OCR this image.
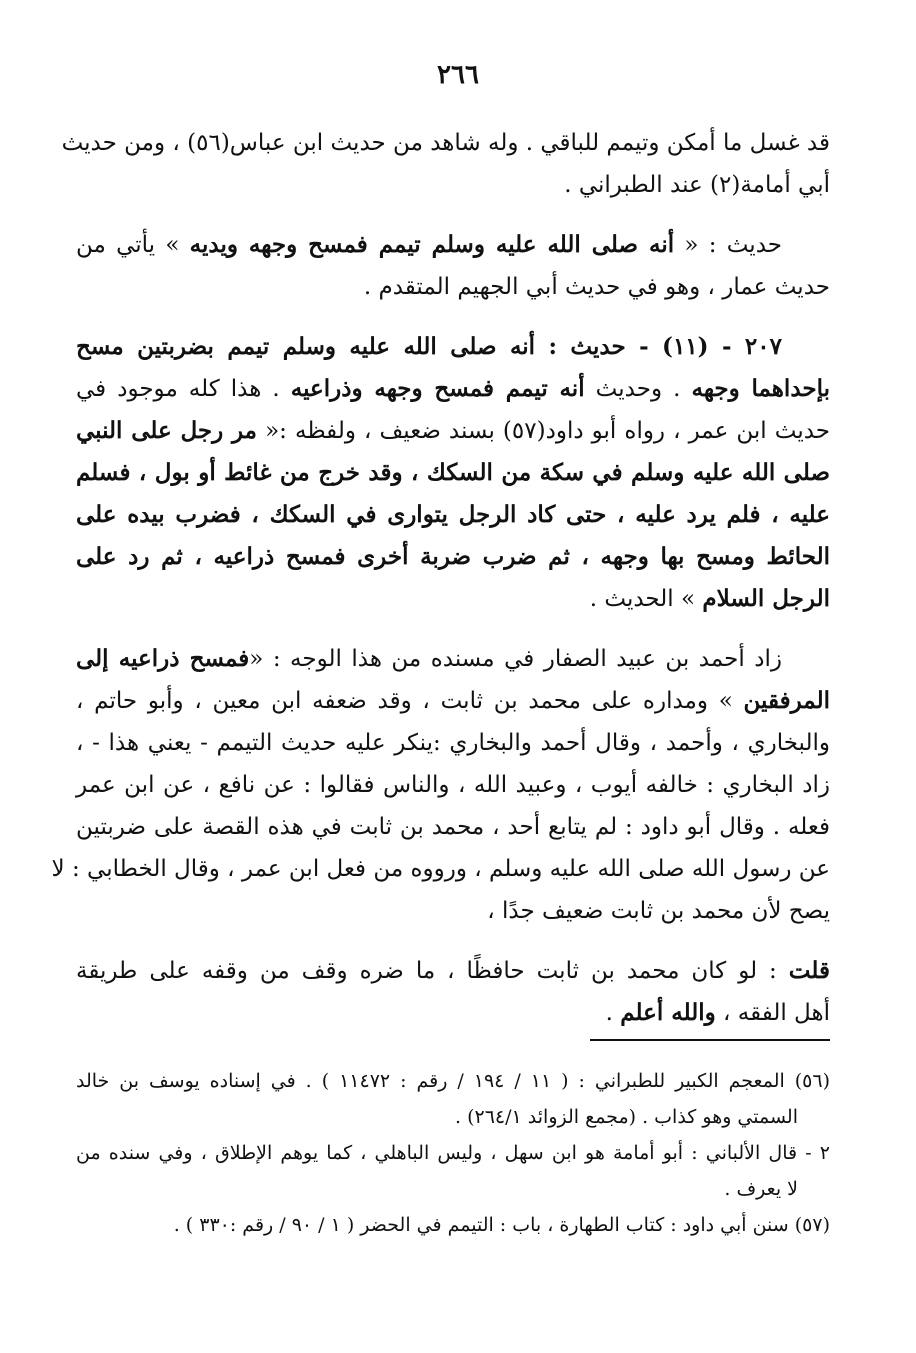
٢٦٦
قد غسل ما أمكن وتيمم للباقي . وله شاهد من حديث ابن عباس(٥٦) ، ومن حديث
أبي أمامة(٢) عند الطبراني .
حديث : « أنه صلى الله عليه وسلم تيمم فمسح وجهه ويديه » يأتي من
حديث عمار ، وهو في حديث أبي الجهيم المتقدم .
٢٠٧ - (١١) - حديث : أنه صلى الله عليه وسلم تيمم بضربتين مسح
بإحداهما وجهه . وحديث أنه تيمم فمسح وجهه وذراعيه . هذا كله موجود في
حديث ابن عمر ، رواه أبو داود(٥٧) بسند ضعيف ، ولفظه :« مر رجل على النبي
صلى الله عليه وسلم في سكة من السكك ، وقد خرج من غائط أو بول ، فسلم
عليه ، فلم يرد عليه ، حتى كاد الرجل يتوارى في السكك ، فضرب بيده على
الحائط ومسح بها وجهه ، ثم ضرب ضربة أخرى فمسح ذراعيه ، ثم رد على
الرجل السلام » الحديث .
زاد أحمد بن عبيد الصفار في مسنده من هذا الوجه : «فمسح ذراعيه إلى
المرفقين » ومداره على محمد بن ثابت ، وقد ضعفه ابن معين ، وأبو حاتم ،
والبخاري ، وأحمد ، وقال أحمد والبخاري :ينكر عليه حديث التيمم - يعني هذا - ،
زاد البخاري : خالفه أيوب ، وعبيد الله ، والناس فقالوا : عن نافع ، عن ابن عمر
فعله . وقال أبو داود : لم يتابع أحد ، محمد بن ثابت في هذه القصة على ضربتين
عن رسول الله صلى الله عليه وسلم ، ورووه من فعل ابن عمر ، وقال الخطابي : لا
يصح لأن محمد بن ثابت ضعيف جدًا ،
قلت : لو كان محمد بن ثابت حافظًا ، ما ضره وقف من وقفه على طريقة
أهل الفقه ، والله أعلم .
(٥٦) المعجم الكبير للطبراني : ( ١١ / ١٩٤ / رقم : ١١٤٧٢ ) . في إسناده يوسف بن خالد
السمتي وهو كذاب . (مجمع الزوائد ٢٦٤/١) .
٢ - قال الألباني : أبو أمامة هو ابن سهل ، وليس الباهلي ، كما يوهم الإطلاق ، وفي سنده من
لا يعرف .
(٥٧) سنن أبي داود : كتاب الطهارة ، باب : التيمم في الحضر ( ١ / ٩٠ / رقم :٣٣٠ ) .
